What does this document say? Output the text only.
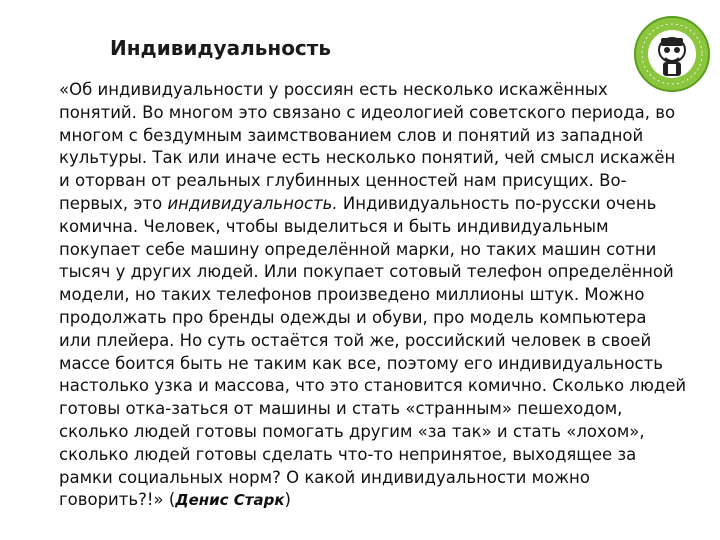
Индивидуальность
«Об индивидуальности у россиян есть несколько искажённых
понятий. Во многом это связано с идеологией советского периода, во
многом с бездумным заимствованием слов и понятий из западной
культуры. Так или иначе есть несколько понятий, чей смысл искажён
и оторван от реальных глубинных ценностей нам присущих. Во-
первых, это индивидуальность. Индивидуальность по-русски очень
комична. Человек, чтобы выделиться и быть индивидуальным
покупает себе машину определённой марки, но таких машин сотни
тысяч у других людей. Или покупает сотовый телефон определённой
модели, но таких телефонов произведено миллионы штук. Можно
продолжать про бренды одежды и обуви, про модель компьютера
или плейера. Но суть остаётся той же, российский человек в своей
массе боится быть не таким как все, поэтому его индивидуальность
настолько узка и массова, что это становится комично. Сколько людей
готовы отка-заться от машины и стать «странным» пешеходом,
сколько людей готовы помогать другим «за так» и стать «лохом»,
сколько людей готовы сделать что-то непринятое, выходящее за
рамки социальных норм? О какой индивидуальности можно
говорить?!» (Денис Старк)
